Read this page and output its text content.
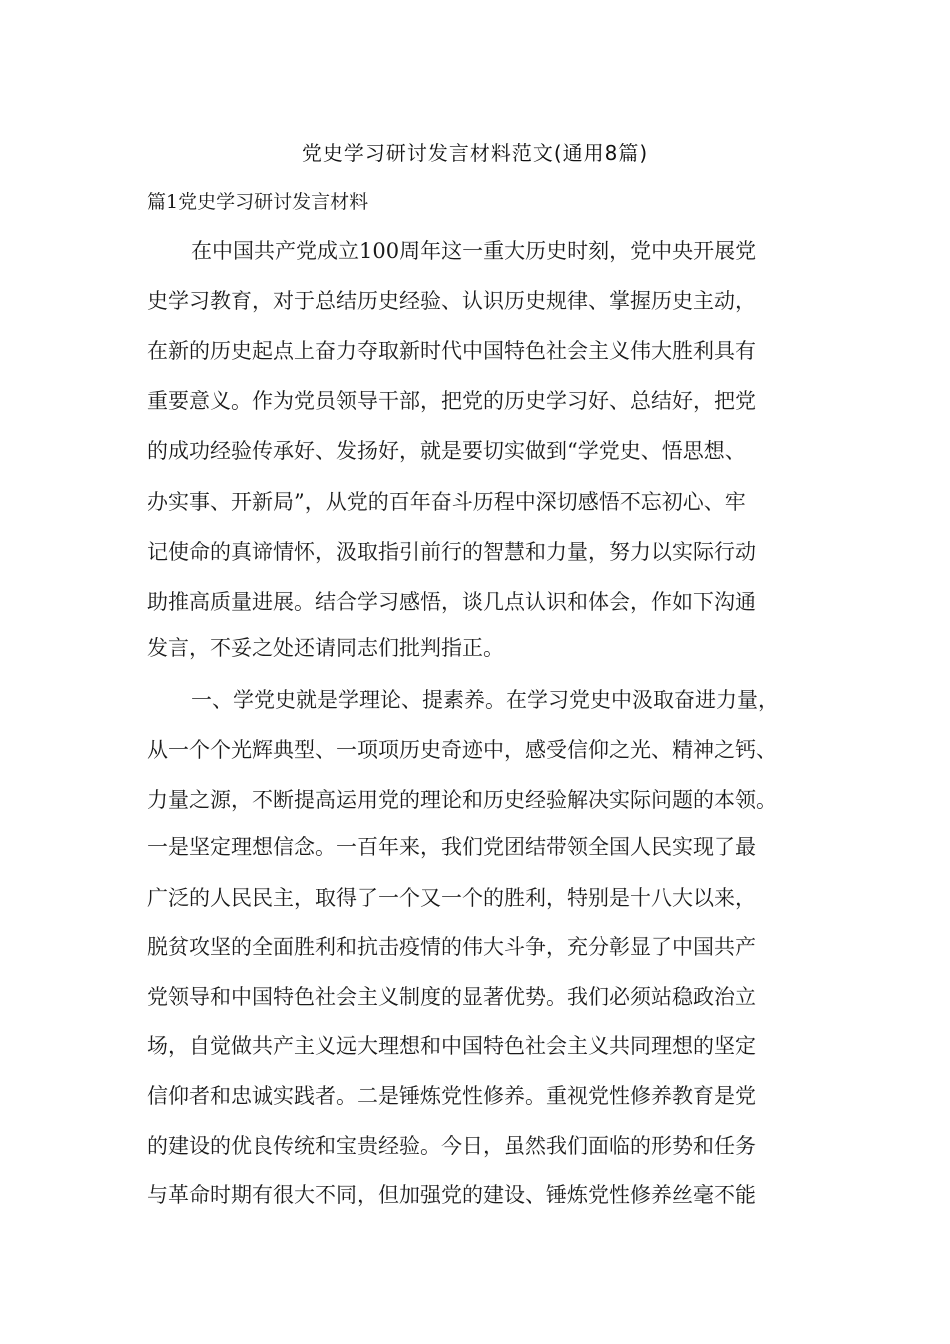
党史学习研讨发言材料范文(通用8篇)
篇1党史学习研讨发言材料

在中国共产党成立100周年这一重大历史时刻，党中央开展党

史学习教育，对于总结历史经验、认识历史规律、掌握历史主动，

在新的历史起点上奋力夺取新时代中国特色社会主义伟大胜利具有

重要意义。作为党员领导干部，把党的历史学习好、总结好，把党

的成功经验传承好、发扬好，就是要切实做到“学党史、悟思想、

办实事、开新局”，从党的百年奋斗历程中深切感悟不忘初心、牢

记使命的真谛情怀，汲取指引前行的智慧和力量，努力以实际行动

助推高质量进展。结合学习感悟，谈几点认识和体会，作如下沟通

发言，不妥之处还请同志们批判指正。

一、学党史就是学理论、提素养。在学习党史中汲取奋进力量，

从一个个光辉典型、一项项历史奇迹中，感受信仰之光、精神之钙、

力量之源，不断提高运用党的理论和历史经验解决实际问题的本领。

一是坚定理想信念。一百年来，我们党团结带领全国人民实现了最

广泛的人民民主，取得了一个又一个的胜利，特别是十八大以来，

脱贫攻坚的全面胜利和抗击疫情的伟大斗争，充分彰显了中国共产

党领导和中国特色社会主义制度的显著优势。我们必须站稳政治立

场，自觉做共产主义远大理想和中国特色社会主义共同理想的坚定

信仰者和忠诚实践者。二是锤炼党性修养。重视党性修养教育是党

的建设的优良传统和宝贵经验。今日，虽然我们面临的形势和任务

与革命时期有很大不同，但加强党的建设、锤炼党性修养丝毫不能
